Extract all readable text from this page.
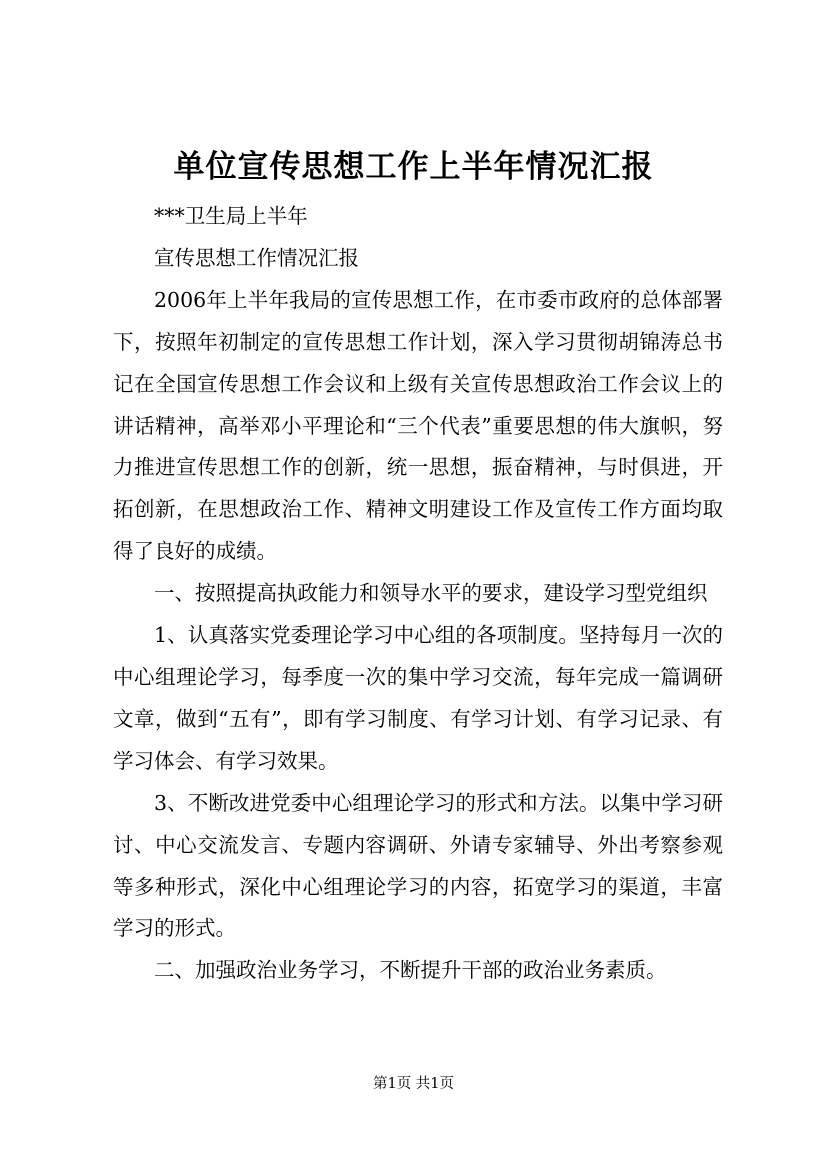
单位宣传思想工作上半年情况汇报

***卫生局上半年

宣传思想工作情况汇报

2006年上半年我局的宣传思想工作，在市委市政府的总体部署下，按照年初制定的宣传思想工作计划，深入学习贯彻胡锦涛总书记在全国宣传思想工作会议和上级有关宣传思想政治工作会议上的讲话精神，高举邓小平理论和“三个代表”重要思想的伟大旗帜，努力推进宣传思想工作的创新，统一思想，振奋精神，与时俱进，开拓创新，在思想政治工作、精神文明建设工作及宣传工作方面均取得了良好的成绩。

一、按照提高执政能力和领导水平的要求，建设学习型党组织

1、认真落实党委理论学习中心组的各项制度。坚持每月一次的中心组理论学习，每季度一次的集中学习交流，每年完成一篇调研文章，做到“五有”，即有学习制度、有学习计划、有学习记录、有学习体会、有学习效果。

3、不断改进党委中心组理论学习的形式和方法。以集中学习研讨、中心交流发言、专题内容调研、外请专家辅导、外出考察参观等多种形式，深化中心组理论学习的内容，拓宽学习的渠道，丰富学习的形式。

二、加强政治业务学习，不断提升干部的政治业务素质。

第1页 共1页
